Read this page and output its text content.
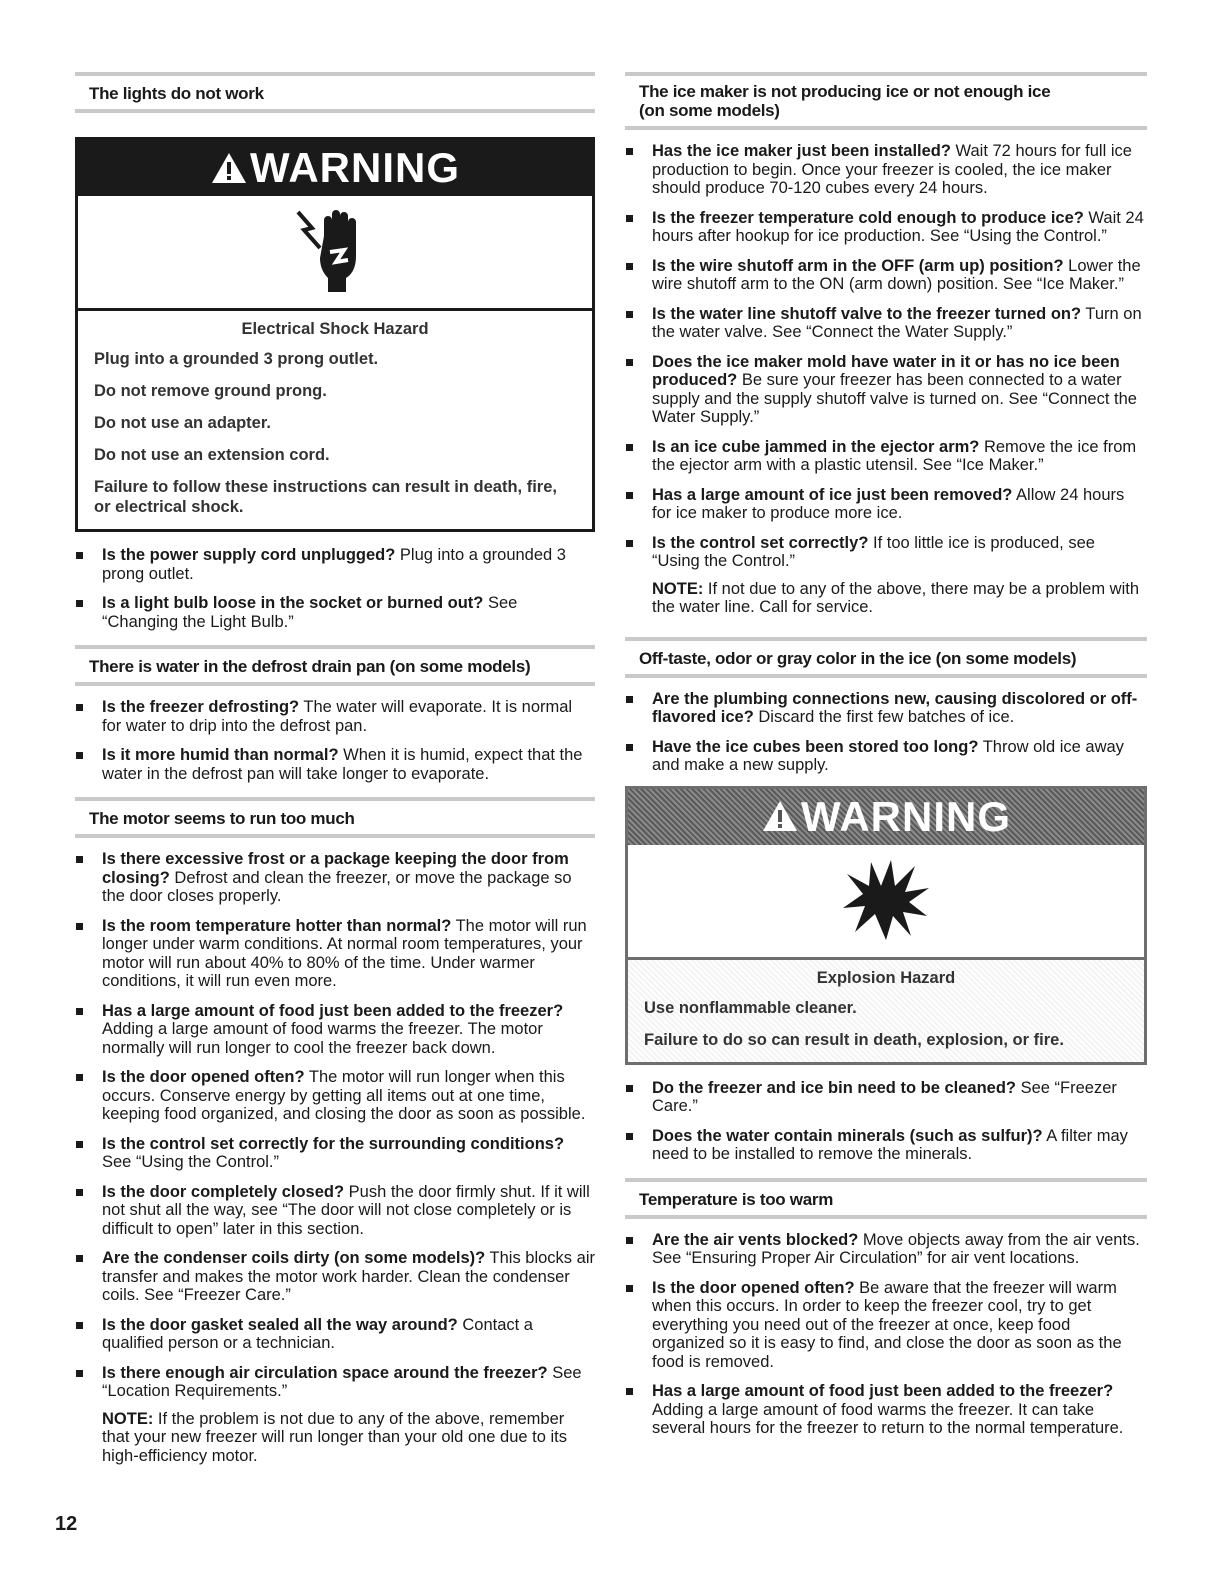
The lights do not work
WARNING
Electrical Shock Hazard

Plug into a grounded 3 prong outlet.

Do not remove ground prong.

Do not use an adapter.

Do not use an extension cord.

Failure to follow these instructions can result in death, fire, or electrical shock.

Is the power supply cord unplugged? Plug into a grounded 3 prong outlet.
Is a light bulb loose in the socket or burned out? See “Changing the Light Bulb.”
There is water in the defrost drain pan (on some models)
Is the freezer defrosting? The water will evaporate. It is normal for water to drip into the defrost pan.
Is it more humid than normal? When it is humid, expect that the water in the defrost pan will take longer to evaporate.
The motor seems to run too much
Is there excessive frost or a package keeping the door from closing? Defrost and clean the freezer, or move the package so the door closes properly.
Is the room temperature hotter than normal? The motor will run longer under warm conditions. At normal room temperatures, your motor will run about 40% to 80% of the time. Under warmer conditions, it will run even more.
Has a large amount of food just been added to the freezer? Adding a large amount of food warms the freezer. The motor normally will run longer to cool the freezer back down.
Is the door opened often? The motor will run longer when this occurs. Conserve energy by getting all items out at one time, keeping food organized, and closing the door as soon as possible.
Is the control set correctly for the surrounding conditions? See “Using the Control.”
Is the door completely closed? Push the door firmly shut. If it will not shut all the way, see “The door will not close completely or is difficult to open” later in this section.
Are the condenser coils dirty (on some models)? This blocks air transfer and makes the motor work harder. Clean the condenser coils. See “Freezer Care.”
Is the door gasket sealed all the way around? Contact a qualified person or a technician.
Is there enough air circulation space around the freezer? See “Location Requirements.”
NOTE: If the problem is not due to any of the above, remember that your new freezer will run longer than your old one due to its high-efficiency motor.
The ice maker is not producing ice or not enough ice
(on some models)
Has the ice maker just been installed? Wait 72 hours for full ice production to begin. Once your freezer is cooled, the ice maker should produce 70-120 cubes every 24 hours.
Is the freezer temperature cold enough to produce ice? Wait 24 hours after hookup for ice production. See “Using the Control.”
Is the wire shutoff arm in the OFF (arm up) position? Lower the wire shutoff arm to the ON (arm down) position. See “Ice Maker.”
Is the water line shutoff valve to the freezer turned on? Turn on the water valve. See “Connect the Water Supply.”
Does the ice maker mold have water in it or has no ice been produced? Be sure your freezer has been connected to a water supply and the supply shutoff valve is turned on. See “Connect the Water Supply.”
Is an ice cube jammed in the ejector arm? Remove the ice from the ejector arm with a plastic utensil. See “Ice Maker.”
Has a large amount of ice just been removed? Allow 24 hours for ice maker to produce more ice.
Is the control set correctly? If too little ice is produced, see “Using the Control.”
NOTE: If not due to any of the above, there may be a problem with the water line. Call for service.
Off-taste, odor or gray color in the ice (on some models)
Are the plumbing connections new, causing discolored or off-flavored ice? Discard the first few batches of ice.
Have the ice cubes been stored too long? Throw old ice away and make a new supply.
WARNING
Explosion Hazard

Use nonflammable cleaner.

Failure to do so can result in death, explosion, or fire.

Do the freezer and ice bin need to be cleaned? See “Freezer Care.”
Does the water contain minerals (such as sulfur)? A filter may need to be installed to remove the minerals.
Temperature is too warm
Are the air vents blocked? Move objects away from the air vents. See “Ensuring Proper Air Circulation” for air vent locations.
Is the door opened often? Be aware that the freezer will warm when this occurs. In order to keep the freezer cool, try to get everything you need out of the freezer at once, keep food organized so it is easy to find, and close the door as soon as the food is removed.
Has a large amount of food just been added to the freezer? Adding a large amount of food warms the freezer. It can take several hours for the freezer to return to the normal temperature.
12
